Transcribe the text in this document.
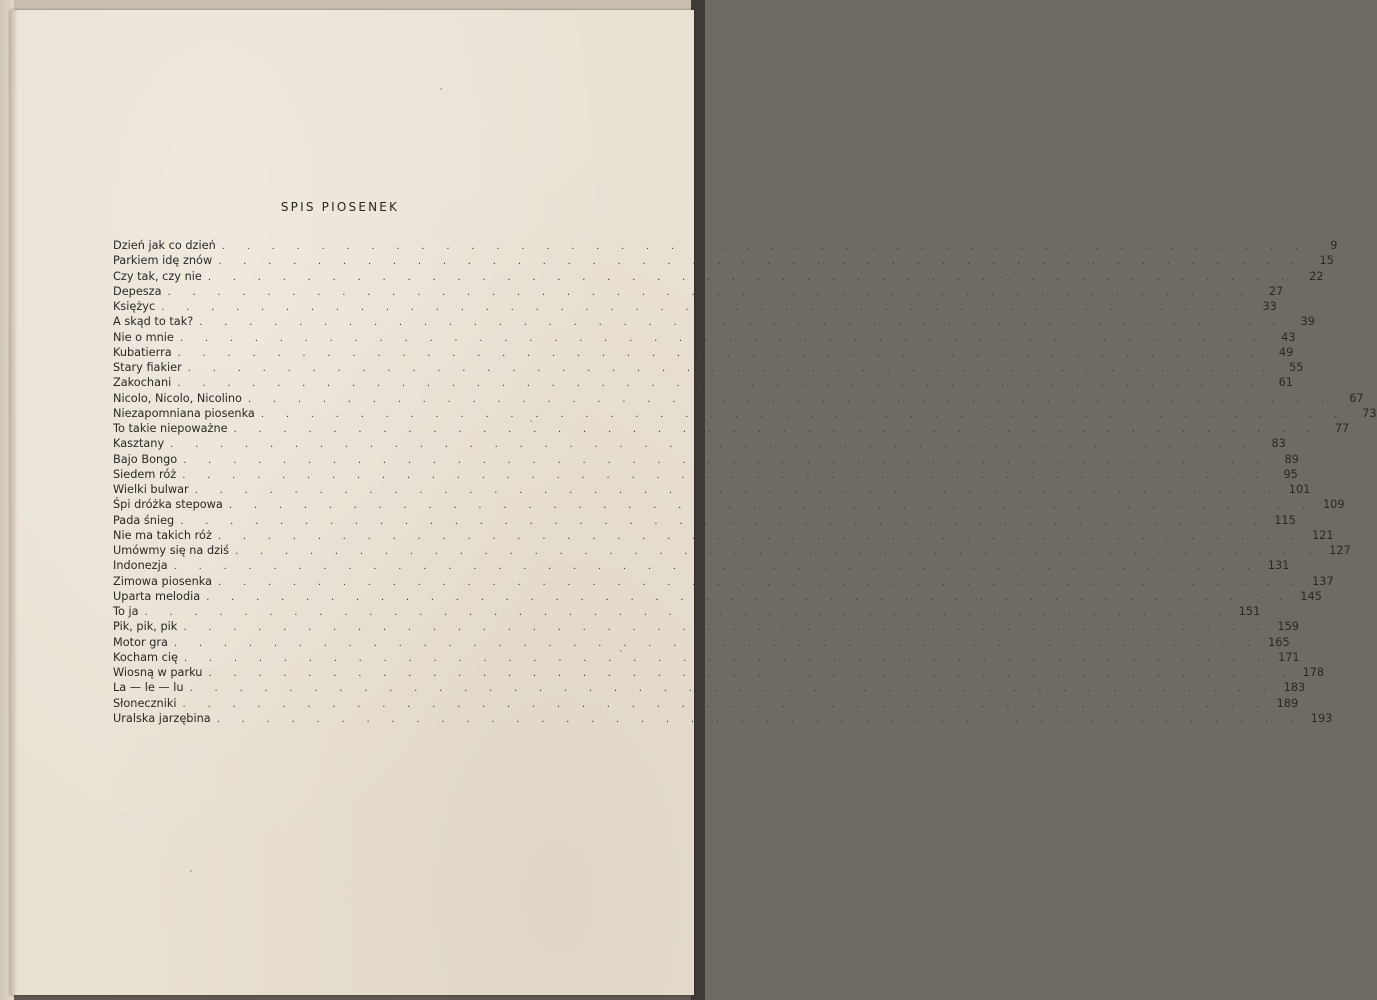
SPIS PIOSENEK
Dzień jak co dzień . . . . . . . . . . . . . . . . . . . . . . . . . . . . . . . . . . . . . . . . . . . .	9
Parkiem idę znów . . . . . . . . . . . . . . . . . . . . . . . . . . . . . . . . . . . . . . . . . . . .	15
Czy tak, czy nie . . . . . . . . . . . . . . . . . . . . . . . . . . . . . . . . . . . . . . . . . . . .	22
Depesza . . . . . . . . . . . . . . . . . . . . . . . . . . . . . . . . . . . . . . . . . . . .	27
Księżyc . . . . . . . . . . . . . . . . . . . . . . . . . . . . . . . . . . . . . . . . . . . .	33
A skąd to tak? . . . . . . . . . . . . . . . . . . . . . . . . . . . . . . . . . . . . . . . . . . . .	39
Nie o mnie . . . . . . . . . . . . . . . . . . . . . . . . . . . . . . . . . . . . . . . . . . . .	43
Kubatierra . . . . . . . . . . . . . . . . . . . . . . . . . . . . . . . . . . . . . . . . . . . .	49
Stary fiakier . . . . . . . . . . . . . . . . . . . . . . . . . . . . . . . . . . . . . . . . . . . .	55
Zakochani . . . . . . . . . . . . . . . . . . . . . . . . . . . . . . . . . . . . . . . . . . . .	61
Nicolo, Nicolo, Nicolino . . . . . . . . . . . . . . . . . . . . . . . . . . . . . . . . . . . . . . . . . . . .	67
Niezapomniana piosenka . . . . . . . . . . . . . . . . . . . . . . . . . . . . . . . . . . . . . . . . . . . .	73
To takie niepoważne . . . . . . . . . . . . . . . . . . . . . . . . . . . . . . . . . . . . . . . . . . . .	77
Kasztany . . . . . . . . . . . . . . . . . . . . . . . . . . . . . . . . . . . . . . . . . . . .	83
Bajo Bongo . . . . . . . . . . . . . . . . . . . . . . . . . . . . . . . . . . . . . . . . . . . .	89
Siedem róż . . . . . . . . . . . . . . . . . . . . . . . . . . . . . . . . . . . . . . . . . . . .	95
Wielki bulwar . . . . . . . . . . . . . . . . . . . . . . . . . . . . . . . . . . . . . . . . . . . . 101
Śpi dróżka stepowa . . . . . . . . . . . . . . . . . . . . . . . . . . . . . . . . . . . . . . . . . . . . 109
Pada śnieg . . . . . . . . . . . . . . . . . . . . . . . . . . . . . . . . . . . . . . . . . . . . 115
Nie ma takich róż . . . . . . . . . . . . . . . . . . . . . . . . . . . . . . . . . . . . . . . . . . . . 121
Umówmy się na dziś . . . . . . . . . . . . . . . . . . . . . . . . . . . . . . . . . . . . . . . . . . . . 127
Indonezja . . . . . . . . . . . . . . . . . . . . . . . . . . . . . . . . . . . . . . . . . . . . 131
Zimowa piosenka . . . . . . . . . . . . . . . . . . . . . . . . . . . . . . . . . . . . . . . . . . . . 137
Uparta melodia . . . . . . . . . . . . . . . . . . . . . . . . . . . . . . . . . . . . . . . . . . . . 145
To ja . . . . . . . . . . . . . . . . . . . . . . . . . . . . . . . . . . . . . . . . . . . . 151
Pik, pik, pik . . . . . . . . . . . . . . . . . . . . . . . . . . . . . . . . . . . . . . . . . . . . 159
Motor gra . . . . . . . . . . . . . . . . . . . . . . . . . . . . . . . . . . . . . . . . . . . . 165
Kocham cię . . . . . . . . . . . . . . . . . . . . . . . . . . . . . . . . . . . . . . . . . . . . 171
Wiosną w parku . . . . . . . . . . . . . . . . . . . . . . . . . . . . . . . . . . . . . . . . . . . . 178
La — le — lu . . . . . . . . . . . . . . . . . . . . . . . . . . . . . . . . . . . . . . . . . . . . 183
Słoneczniki . . . . . . . . . . . . . . . . . . . . . . . . . . . . . . . . . . . . . . . . . . . . 189
Uralska jarzębina . . . . . . . . . . . . . . . . . . . . . . . . . . . . . . . . . . . . . . . . . . . . 193
